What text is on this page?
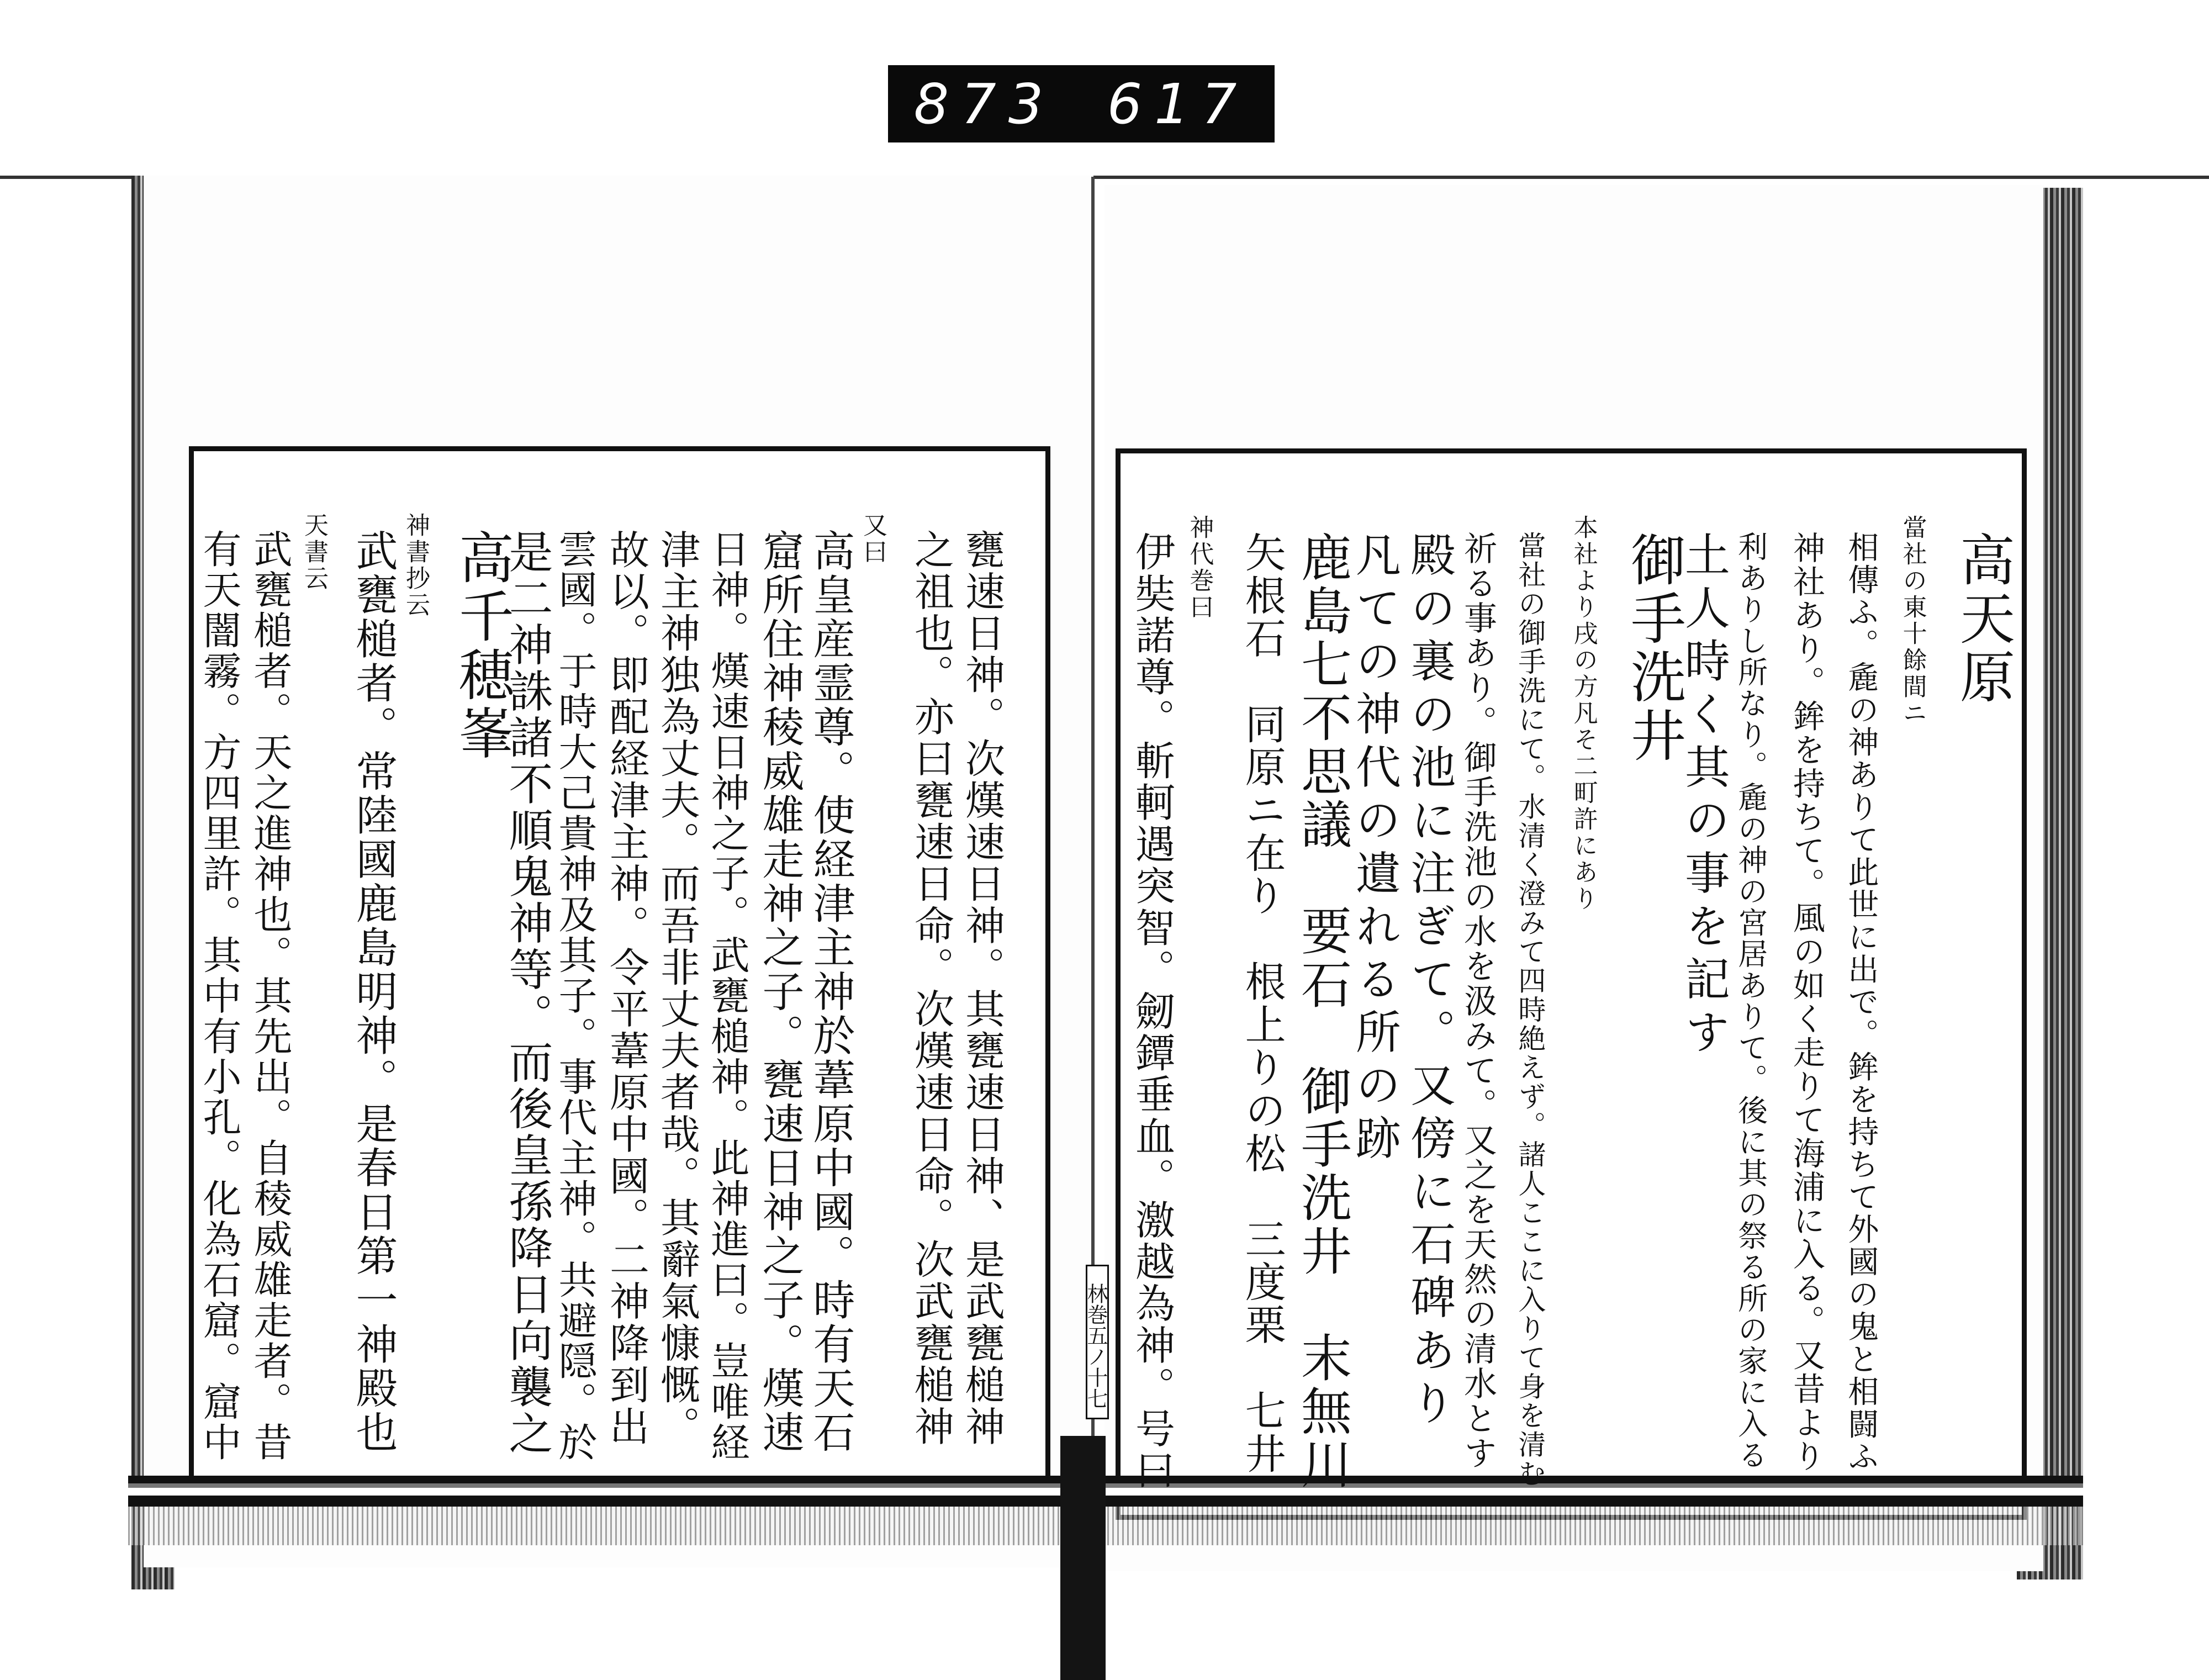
873 617
林巻五ノ十七
甕速日神。次熯速日神。其甕速日神、是武甕槌神
之祖也。亦曰甕速日命。次熯速日命。次武甕槌神
又曰
高皇産霊尊。使経津主神於葦原中國。時有天石
窟所住神稜威雄走神之子。甕速日神之子。熯速
日神。熯速日神之子。武甕槌神。此神進曰。豈唯経
津主神独為丈夫。而吾非丈夫者哉。其辭氣慷慨。
故以。即配経津主神。令平葦原中國。二神降到出
雲國。于時大己貴神及其子。事代主神。共避隠。於
是二神誅諸不順鬼神等。而後皇孫降日向襲之
高千穂峯
神書抄云
武甕槌者。常陸國鹿島明神。是春日第一神殿也
天書云
武甕槌者。天之進神也。其先出。自稜威雄走者。昔
有天闇霧。方四里許。其中有小孔。化為石窟。窟中	高天原
當社の東十餘間ニ
相傳ふ。麁の神ありて此世に出で。鉾を持ちて外國の鬼と相闘ふ
神社あり。鉾を持ちて。風の如く走りて海浦に入る。又昔より
利ありし所なり。麁の神の宮居ありて。後に其の祭る所の家に入る
土人時く其の事を記す
御手洗井
本社より戌の方凡そ二町許にあり
當社の御手洗にて。水清く澄みて四時絶えず。諸人ここに入りて身を清む
祈る事あり。御手洗池の水を汲みて。又之を天然の清水とす
殿の裏の池に注ぎて。又傍に石碑あり
凡ての神代の遺れる所の跡
鹿島七不思議　要石　御手洗井　末無川
矢根石　同原ニ在り　根上りの松　三度栗　七井
神代巻曰
伊奘諾尊。斬軻遇突智。劒鐔垂血。激越為神。号曰
